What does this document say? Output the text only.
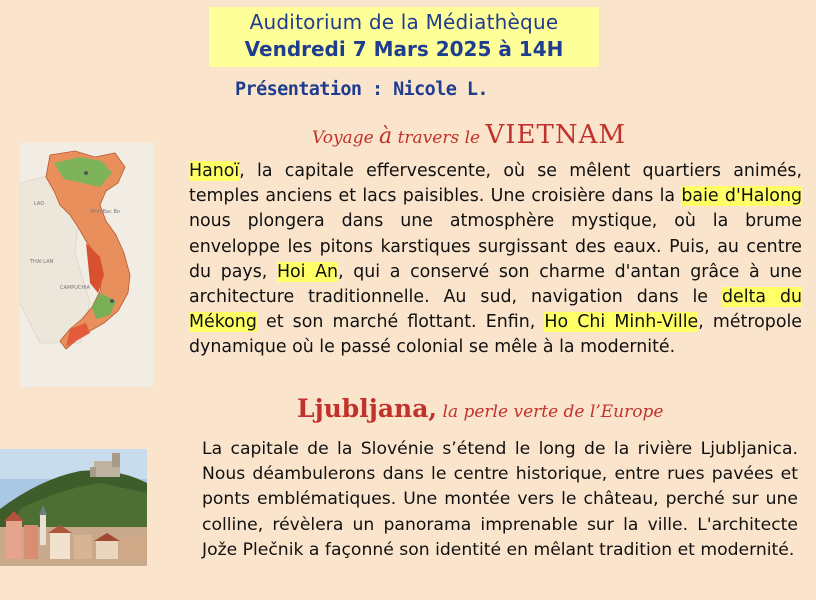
Auditorium de la Médiathèque
Vendredi 7 Mars 2025 à 14H
Présentation : Nicole L.
Voyage à travers le VIETNAM
LAO
THAI LAN
CAMPUCHIA
Vinh Bac Bo
Hanoï, la capitale effervescente, où se mêlent quartiers animés, temples anciens et lacs paisibles. Une croisière dans la baie d'Halong nous plongera dans une atmosphère mystique, où la brume enveloppe les pitons karstiques surgissant des eaux. Puis, au centre du pays, Hoi An, qui a conservé son charme d'antan grâce à une architecture traditionnelle. Au sud, navigation dans le delta du Mékong et son marché flottant. Enfin, Ho Chi Minh-Ville, métropole dynamique où le passé colonial se mêle à la modernité.
Ljubljana, la perle verte de l’Europe
La capitale de la Slovénie s’étend le long de la rivière Ljubljanica. Nous déambulerons dans le centre historique, entre rues pavées et ponts emblématiques. Une montée vers le château, perché sur une colline, révèlera un panorama imprenable sur la ville. L'architecte Jože Plečnik a façonné son identité en mêlant tradition et modernité.
